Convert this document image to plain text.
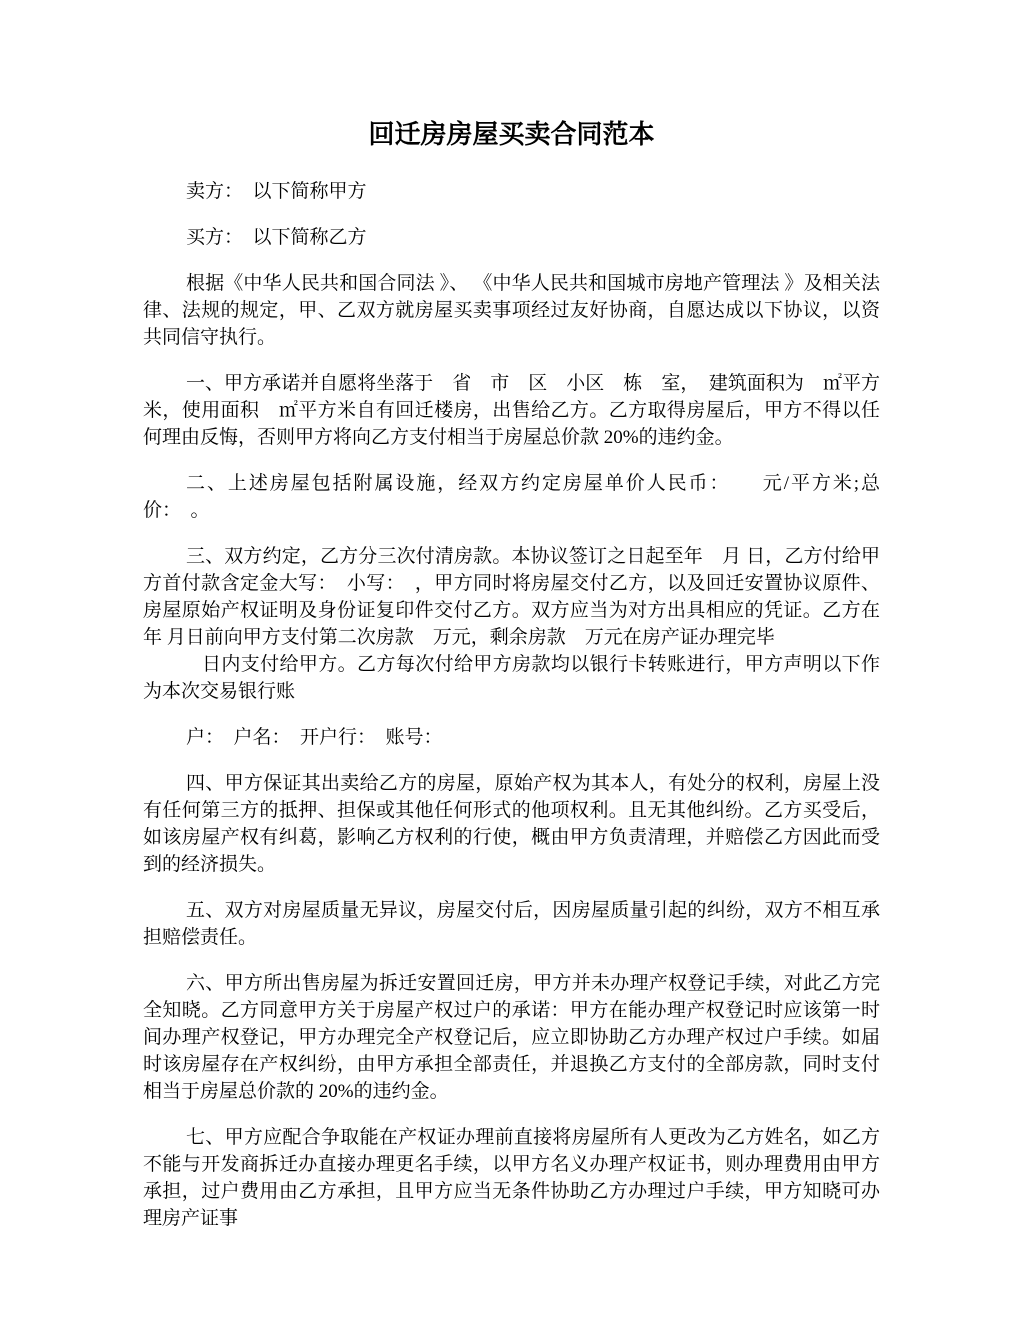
回迁房房屋买卖合同范本

卖方：　以下简称甲方

买方：　以下简称乙方

根据《中华人民共和国合同法 》、 《中华人民共和国城市房地产管理法 》及相关法律、法规的规定，甲、乙双方就房屋买卖事项经过友好协商，自愿达成以下协议，以资共同信守执行。

一、甲方承诺并自愿将坐落于　省　市　区　小区　栋　室，　建筑面积为　㎡平方米，使用面积　㎡平方米自有回迁楼房，出售给乙方。乙方取得房屋后，甲方不得以任何理由反悔，否则甲方将向乙方支付相当于房屋总价款 20%的违约金。

二、上述房屋包括附属设施，经双方约定房屋单价人民币：　　元/平方米;总价：　。

三、双方约定，乙方分三次付清房款。本协议签订之日起至年　月 日，乙方付给甲方首付款含定金大写：　小写：　，甲方同时将房屋交付乙方，以及回迁安置协议原件、房屋原始产权证明及身份证复印件交付乙方。双方应当为对方出具相应的凭证。乙方在　年 月日前向甲方支付第二次房款　万元，剩余房款　万元在房产证办理完毕

日内支付给甲方。乙方每次付给甲方房款均以银行卡转账进行，甲方声明以下作为本次交易银行账

户：　户名：　开户行：　账号：

四、甲方保证其出卖给乙方的房屋，原始产权为其本人，有处分的权利，房屋上没有任何第三方的抵押、担保或其他任何形式的他项权利。且无其他纠纷。乙方买受后，如该房屋产权有纠葛，影响乙方权利的行使，概由甲方负责清理，并赔偿乙方因此而受到的经济损失。

五、双方对房屋质量无异议，房屋交付后，因房屋质量引起的纠纷，双方不相互承担赔偿责任。

六、甲方所出售房屋为拆迁安置回迁房，甲方并未办理产权登记手续，对此乙方完全知晓。乙方同意甲方关于房屋产权过户的承诺：甲方在能办理产权登记时应该第一时间办理产权登记，甲方办理完全产权登记后，应立即协助乙方办理产权过户手续。如届时该房屋存在产权纠纷，由甲方承担全部责任，并退换乙方支付的全部房款，同时支付相当于房屋总价款的 20%的违约金。

七、甲方应配合争取能在产权证办理前直接将房屋所有人更改为乙方姓名，如乙方不能与开发商拆迁办直接办理更名手续，以甲方名义办理产权证书，则办理费用由甲方承担，过户费用由乙方承担，且甲方应当无条件协助乙方办理过户手续，甲方知晓可办理房产证事
